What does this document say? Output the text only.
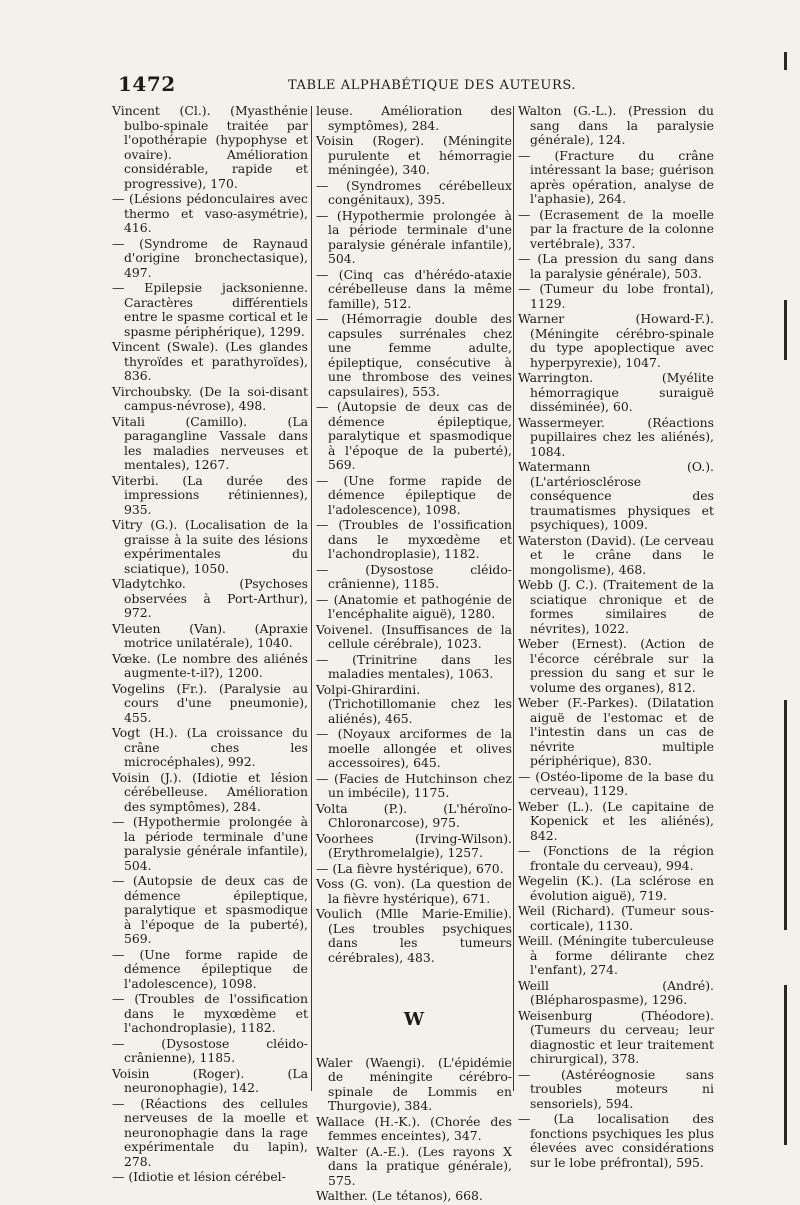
1472	TABLE ALPHABÉTIQUE DES AUTEURS.
Vincent (Cl.). (Myasthénie bulbo-spinale traitée par l'opothérapie (hypophyse et ovaire). Amélioration considérable, rapide et progressive), 170.
— (Lésions pédonculaires avec thermo et vaso-asymétrie), 416.
— (Syndrome de Raynaud d'origine bronchectasique), 497.
— Epilepsie jacksonienne. Caractères différentiels entre le spasme cortical et le spasme périphérique), 1299.
Vincent (Swale). (Les glandes thyroïdes et parathyroïdes), 836.
Virchoubsky. (De la soi-disant campus-névrose), 498.
Vitali (Camillo). (La paragangline Vassale dans les maladies nerveuses et mentales), 1267.
Viterbi. (La durée des impressions rétiniennes), 935.
Vitry (G.). (Localisation de la graisse à la suite des lésions expérimentales du sciatique), 1050.
Vladytchko. (Psychoses observées à Port-Arthur), 972.
Vleuten (Van). (Apraxie motrice unilatérale), 1040.
Vœke. (Le nombre des aliénés augmente-t-il?), 1200.
Vogelins (Fr.). (Paralysie au cours d'une pneumonie), 455.
Vogt (H.). (La croissance du crâne ches les microcéphales), 992.
Voisin (J.). (Idiotie et lésion cérébelleuse. Amélioration des symptômes), 284.
— (Hypothermie prolongée à la période terminale d'une paralysie générale infantile), 504.
— (Autopsie de deux cas de démence épileptique, paralytique et spasmodique à l'époque de la puberté), 569.
— (Une forme rapide de démence épileptique de l'adolescence), 1098.
— (Troubles de l'ossification dans le myxœdème et l'achondroplasie), 1182.
— (Dysostose cléido-crânienne), 1185.
Voisin (Roger). (La neuronophagie), 142.
— (Réactions des cellules nerveuses de la moelle et neuronophagie dans la rage expérimentale du lapin), 278.
— (Idiotie et lésion cérébel-
leuse. Amélioration des symptômes), 284.
Voisin (Roger). (Méningite purulente et hémorragie méningée), 340.
— (Syndromes cérébelleux congénitaux), 395.
— (Hypothermie prolongée à la période terminale d'une paralysie générale infantile), 504.
— (Cinq cas d'hérédo-ataxie cérébelleuse dans la même famille), 512.
— (Hémorragie double des capsules surrénales chez une femme adulte, épileptique, consécutive à une thrombose des veines capsulaires), 553.
— (Autopsie de deux cas de démence épileptique, paralytique et spasmodique à l'époque de la puberté), 569.
— (Une forme rapide de démence épileptique de l'adolescence), 1098.
— (Troubles de l'ossification dans le myxœdème et l'achondroplasie), 1182.
— (Dysostose cléido-crânienne), 1185.
— (Anatomie et pathogénie de l'encéphalite aiguë), 1280.
Voivenel. (Insuffisances de la cellule cérébrale), 1023.
— (Trinitrine dans les maladies mentales), 1063.
Volpi-Ghirardini. (Trichotillomanie chez les aliénés), 465.
— (Noyaux arciformes de la moelle allongée et olives accessoires), 645.
— (Facies de Hutchinson chez un imbécile), 1175.
Volta (P.). (L'héroïno-Chloronarcose), 975.
Voorhees (Irving-Wilson). (Erythromelalgie), 1257.
— (La fièvre hystérique), 670.
Voss (G. von). (La question de la fièvre hystérique), 671.
Voulich (Mlle Marie-Emilie). (Les troubles psychiques dans les tumeurs cérébrales), 483.
W
Waler (Waengi). (L'épidémie de méningite cérébro-spinale de Lommis en Thurgovie), 384.
Wallace (H.-K.). (Chorée des femmes enceintes), 347.
Walter (A.-E.). (Les rayons X dans la pratique générale), 575.
Walther. (Le tétanos), 668.
Walton (G.-L.). (Pression du sang dans la paralysie générale), 124.
— (Fracture du crâne intéressant la base; guérison après opération, analyse de l'aphasie), 264.
— (Ecrasement de la moelle par la fracture de la colonne vertébrale), 337.
— (La pression du sang dans la paralysie générale), 503.
— (Tumeur du lobe frontal), 1129.
Warner (Howard-F.). (Méningite cérébro-spinale du type apoplectique avec hyperpyrexie), 1047.
Warrington. (Myélite hémorragique suraiguë disséminée), 60.
Wassermeyer. (Réactions pupillaires chez les aliénés), 1084.
Watermann (O.). (L'artériosclérose conséquence des traumatismes physiques et psychiques), 1009.
Waterston (David). (Le cerveau et le crâne dans le mongolisme), 468.
Webb (J. C.). (Traitement de la sciatique chronique et de formes similaires de névrites), 1022.
Weber (Ernest). (Action de l'écorce cérébrale sur la pression du sang et sur le volume des organes), 812.
Weber (F.-Parkes). (Dilatation aiguë de l'estomac et de l'intestin dans un cas de névrite multiple périphérique), 830.
— (Ostéo-lipome de la base du cerveau), 1129.
Weber (L.). (Le capitaine de Kopenick et les aliénés), 842.
— (Fonctions de la région frontale du cerveau), 994.
Wegelin (K.). (La sclérose en évolution aiguë), 719.
Weil (Richard). (Tumeur sous-corticale), 1130.
Weill. (Méningite tuberculeuse à forme délirante chez l'enfant), 274.
Weill (André). (Blépharospasme), 1296.
Weisenburg (Théodore). (Tumeurs du cerveau; leur diagnostic et leur traitement chirurgical), 378.
— (Astéréognosie sans troubles moteurs ni sensoriels), 594.
— (La localisation des fonctions psychiques les plus élevées avec considérations sur le lobe préfrontal), 595.
